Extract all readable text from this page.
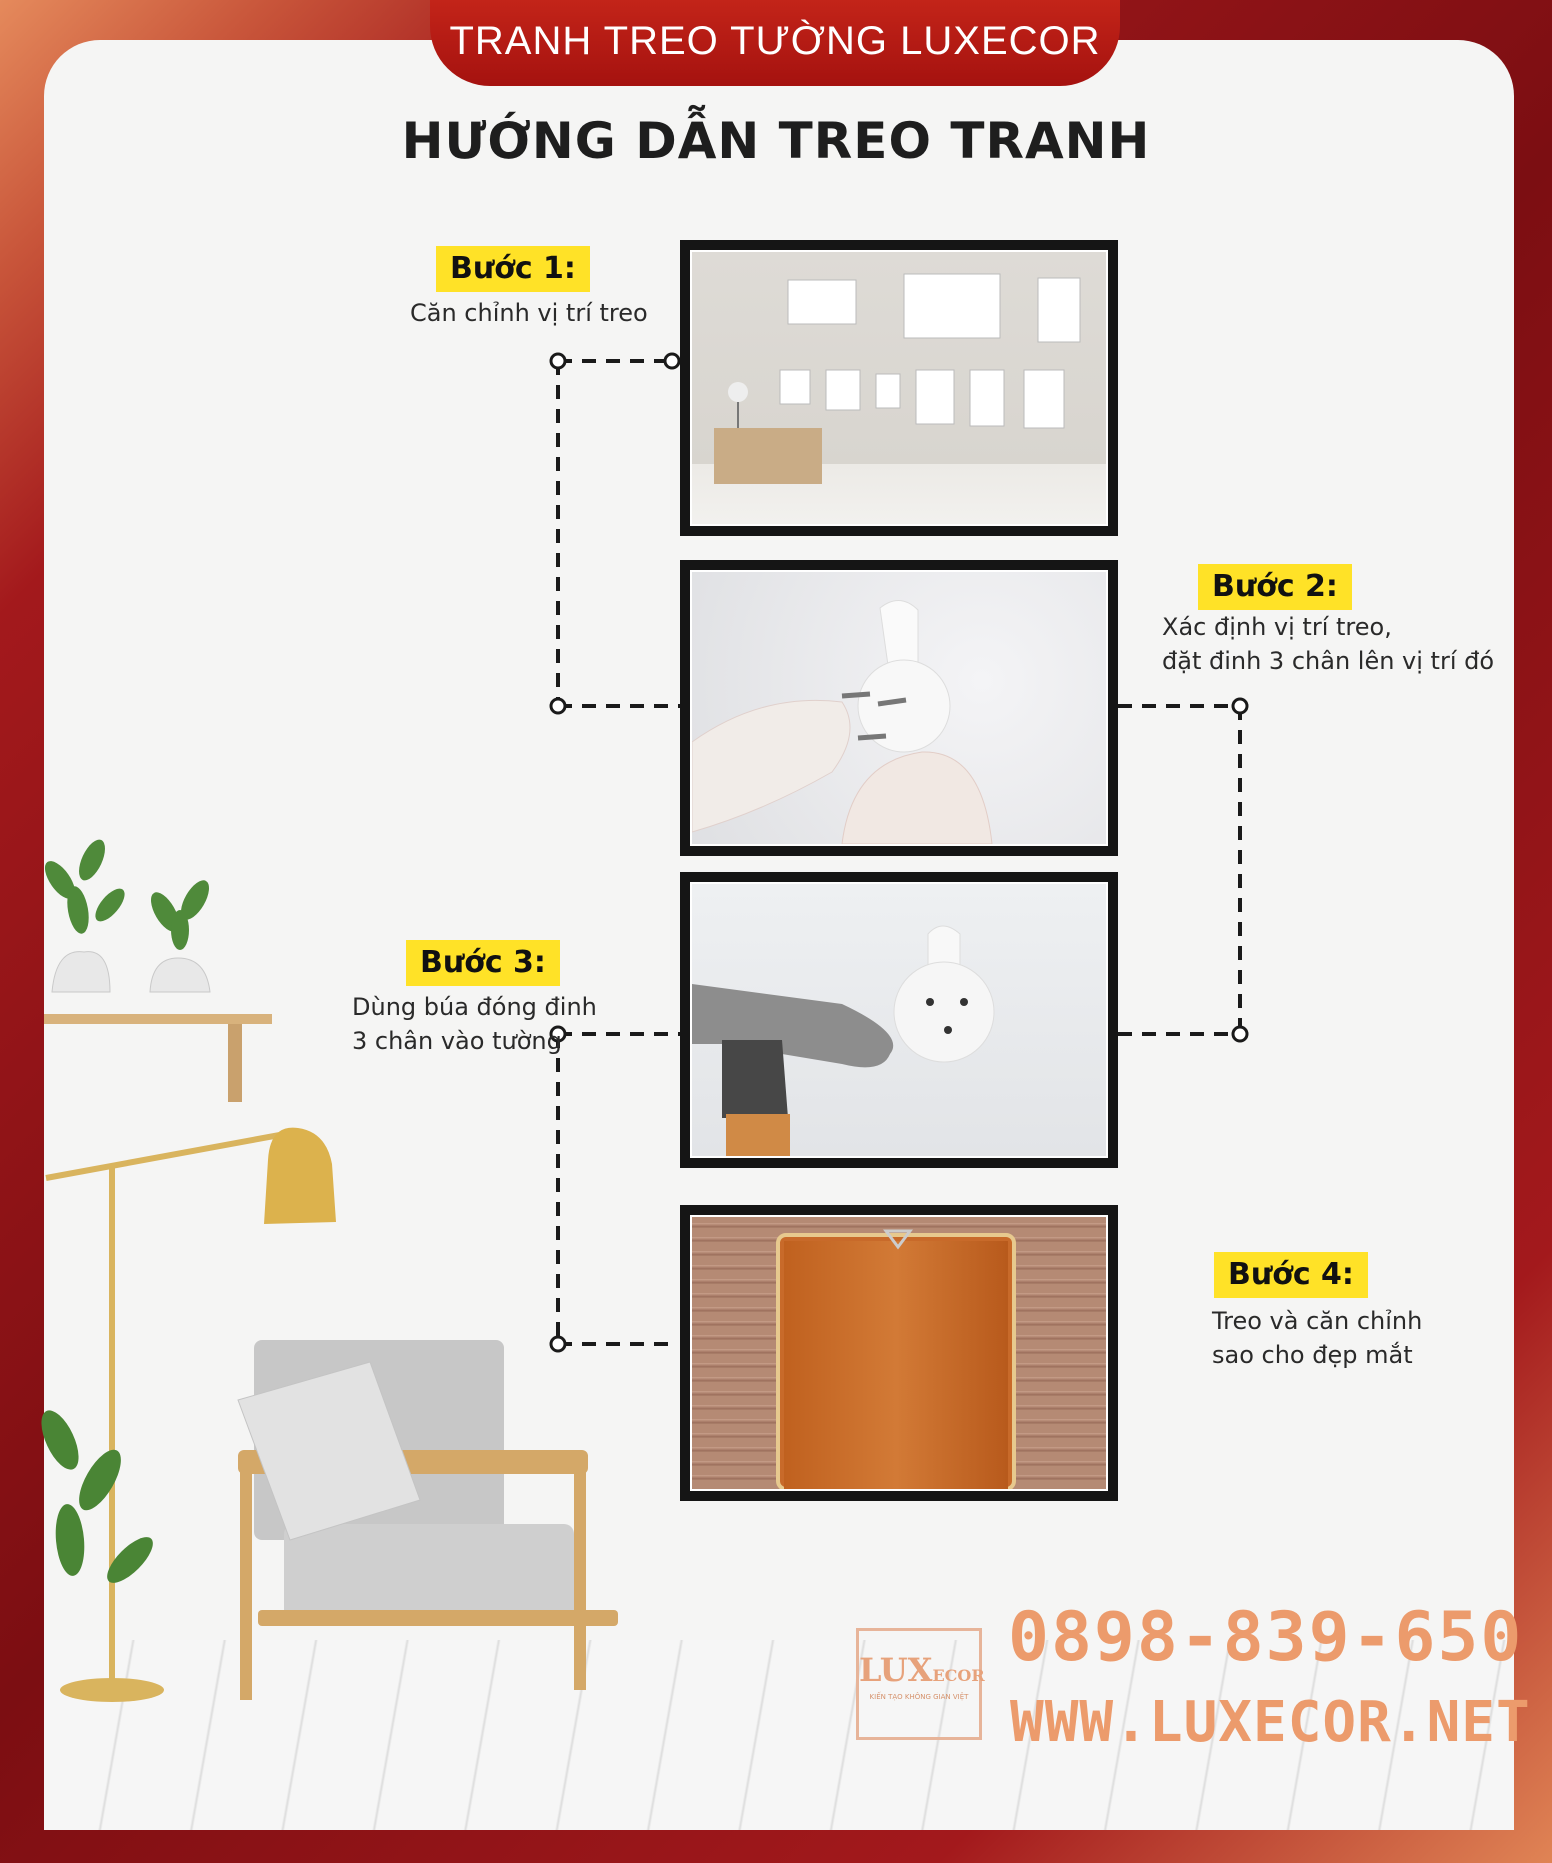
TRANH TREO TƯỜNG LUXECOR
HƯỚNG DẪN TREO TRANH
Bước 1:
Căn chỉnh vị trí treo
Bước 2:
Xác định vị trí treo,
đặt đinh 3 chân lên vị trí đó
Bước 3:
Dùng búa đóng đinh
3 chân vào tường
Bước 4:
Treo và căn chỉnh
sao cho đẹp mắt
LUXECOR
KIẾN TẠO KHÔNG GIAN VIỆT
0898-839-650
WWW.LUXECOR.NET
